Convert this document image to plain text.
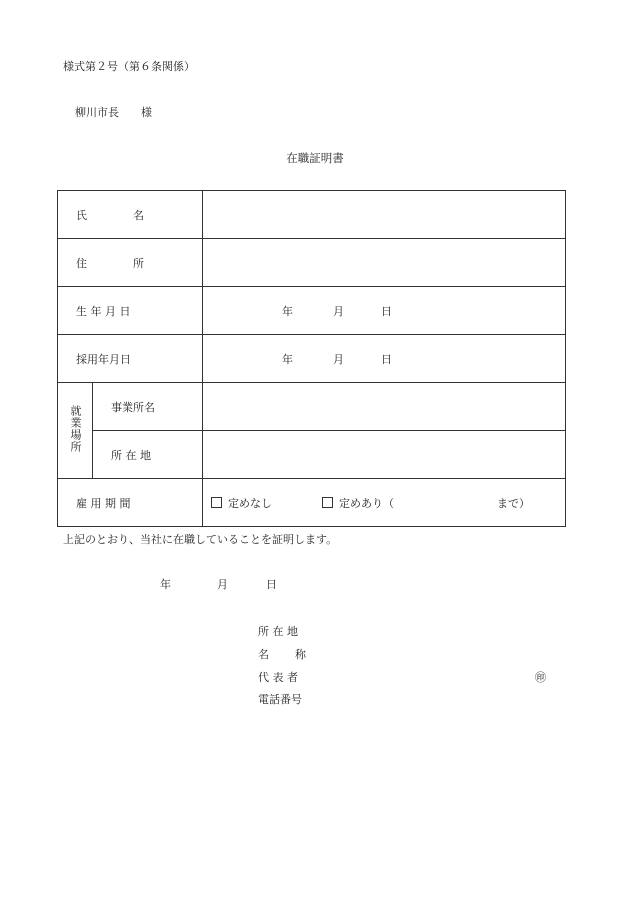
様式第２号（第６条関係）
柳川市長 様
在職証明書
氏 名		
住 所		
生 年 月 日		年 月 日
採用年月日		年 月 日
就業場所	事業所名	
	所 在 地	
雇 用 期 間		定めなし 定めあり（ まで）
上記のとおり、当社に在職していることを証明します。
年	月	日
所 在 地
名 称
代 表 者	㊞
電話番号
